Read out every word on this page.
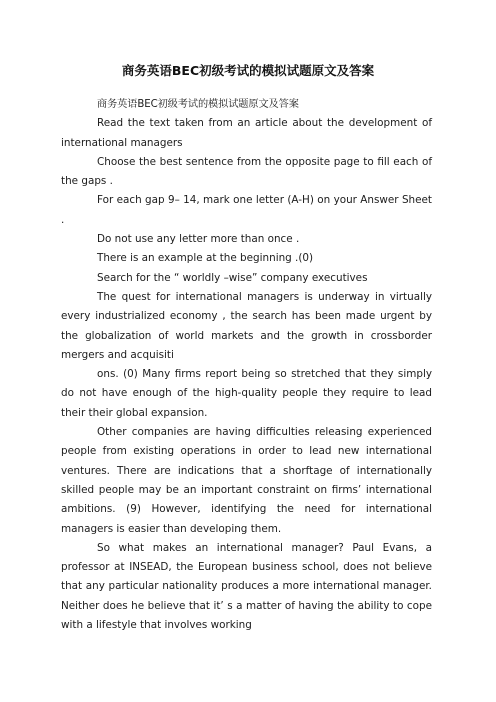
商务英语BEC初级考试的模拟试题原文及答案

商务英语BEC初级考试的模拟试题原文及答案

Read the text taken from an article about the development of international managers

Choose the best sentence from the opposite page to fill each of the gaps .

For each gap 9– 14, mark one letter (A-H) on your Answer Sheet .

Do not use any letter more than once .

There is an example at the beginning .(0)

Search for the “ worldly –wise” company executives

The quest for international managers is underway in virtually every industrialized economy , the search has been made urgent by the globalization of world markets and the growth in crossborder mergers and acquisiti

ons. (0) Many firms report being so stretched that they simply do not have enough of the high-quality people they require to lead their their global expansion.

Other companies are having difficulties releasing experienced people from existing operations in order to lead new international ventures. There are indications that a shorftage of internationally skilled people may be an important constraint on firms’ international ambitions. (9) However, identifying the need for international managers is easier than developing them.

So what makes an international manager? Paul Evans, a professor at INSEAD, the European business school, does not believe that any particular nationality produces a more international manager. Neither does he believe that it’ s a matter of having the ability to cope with a lifestyle that involves working
